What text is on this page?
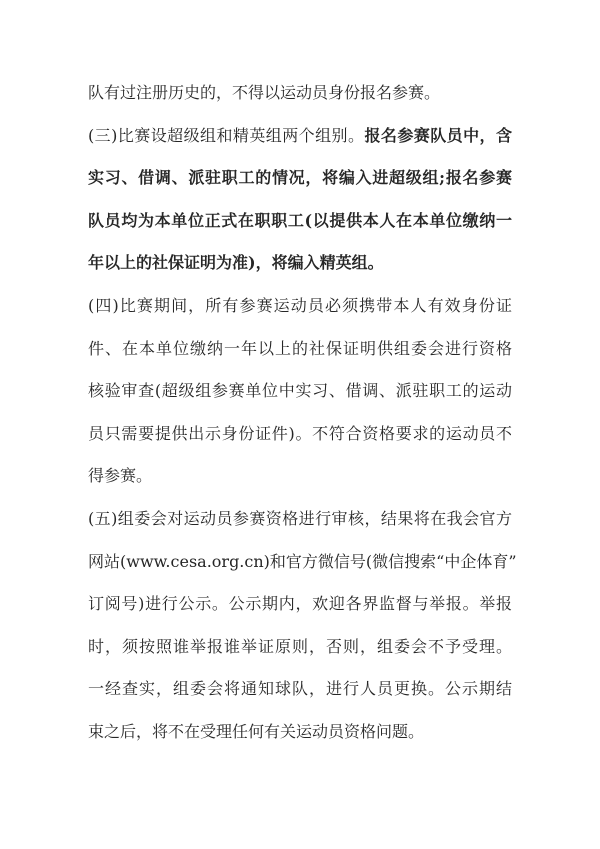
队有过注册历史的，不得以运动员身份报名参赛。
(三)比赛设超级组和精英组两个组别。报名参赛队员中，含
实习、借调、派驻职工的情况，将编入进超级组;报名参赛
队员均为本单位正式在职职工(以提供本人在本单位缴纳一
年以上的社保证明为准)，将编入精英组。
(四)比赛期间，所有参赛运动员必须携带本人有效身份证
件、在本单位缴纳一年以上的社保证明供组委会进行资格
核验审查(超级组参赛单位中实习、借调、派驻职工的运动
员只需要提供出示身份证件)。不符合资格要求的运动员不
得参赛。
(五)组委会对运动员参赛资格进行审核，结果将在我会官方
网站(www.cesa.org.cn)和官方微信号(微信搜索“中企体育”
订阅号)进行公示。公示期内，欢迎各界监督与举报。举报
时，须按照谁举报谁举证原则，否则，组委会不予受理。
一经查实，组委会将通知球队，进行人员更换。公示期结
束之后，将不在受理任何有关运动员资格问题。
